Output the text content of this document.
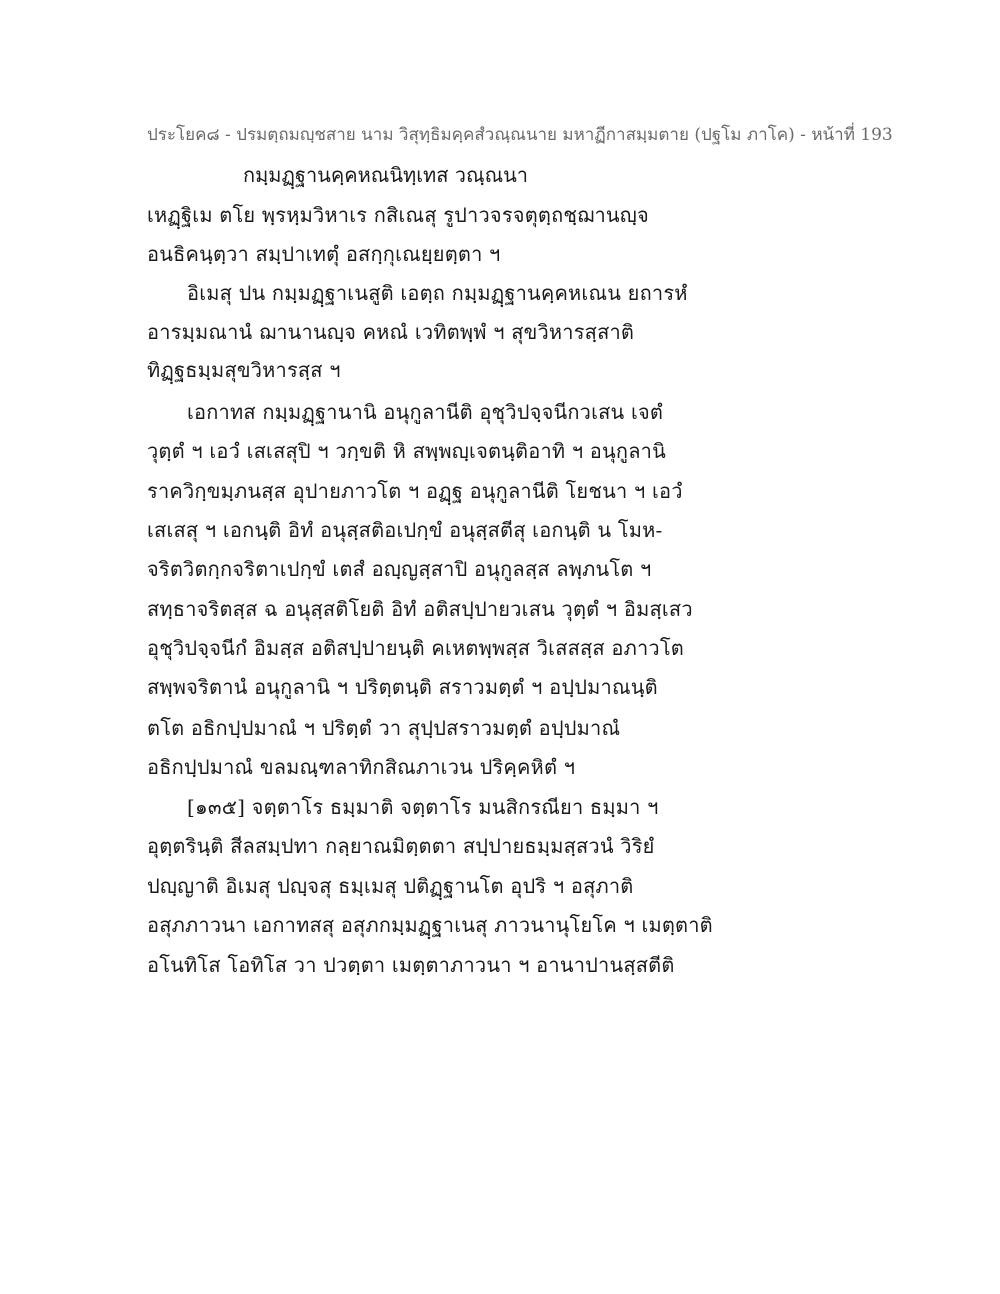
ประโยค๘ - ปรมตฺถมญฺชสาย นาม วิสุทฺธิมคฺคสํวณฺณนาย มหาฏีกาสมฺมตาย (ปฐโม ภาโค) - หน้าที่ 193
กมฺมฏฺฐานคฺคหณนิทฺเทส วณฺณนา
เหฏฺฐิเม ตโย พฺรหฺมวิหาเร กสิเณสุ รูปาวจรจตุตฺถชฺฌานญฺจ
อนธิคนฺตฺวา สมฺปาเทตุํ อสกฺกุเณยฺยตฺตา ฯ
อิเมสุ ปน กมฺมฏฺฐาเนสูติ เอตฺถ กมฺมฏฺฐานคฺคหเณน ยถารหํ
อารมฺมณานํ ฌานานญฺจ คหณํ เวทิตพฺพํ ฯ สุขวิหารสฺสาติ
ทิฏฺฐธมฺมสุขวิหารสฺส ฯ
เอกาทส กมฺมฏฺฐานานิ อนุกูลานีติ อุชุวิปจฺจนีกวเสน เจตํ
วุตฺตํ ฯ เอวํ เสเสสุปิ ฯ วกฺขติ หิ สพฺพญฺเจตนฺติอาทิ ฯ อนุกูลานิ
ราควิกฺขมฺภนสฺส อุปายภาวโต ฯ อฏฺฐ อนุกูลานีติ โยชนา ฯ เอวํ
เสเสสุ ฯ เอกนฺติ อิทํ อนุสฺสติอเปกฺขํ อนุสฺสตีสุ เอกนฺติ น โมห-
จริตวิตกฺกจริตาเปกฺขํ เตสํ อญฺญสฺสาปิ อนุกูลสฺส ลพฺภนโต ฯ
สทฺธาจริตสฺส ฉ อนุสฺสติโยติ อิทํ อติสปฺปายวเสน วุตฺตํ ฯ อิมสฺเสว
อุชุวิปจฺจนีกํ อิมสฺส อติสปฺปายนฺติ คเหตพฺพสฺส วิเสสสฺส อภาวโต
สพฺพจริตานํ อนุกูลานิ ฯ ปริตฺตนฺติ สราวมตฺตํ ฯ อปฺปมาณนฺติ
ตโต อธิกปฺปมาณํ ฯ ปริตฺตํ วา สุปฺปสราวมตฺตํ อปฺปมาณํ
อธิกปฺปมาณํ ขลมณฺฑลาทิกสิณภาเวน ปริคฺคหิตํ ฯ
[๑๓๕] จตฺตาโร ธมฺมาติ จตฺตาโร มนสิกรณียา ธมฺมา ฯ
อุตฺตรินฺติ สีลสมฺปทา กลฺยาณมิตฺตตา สปฺปายธมฺมสฺสวนํ วิริยํ
ปญฺญาติ อิเมสุ ปญฺจสุ ธมฺเมสุ ปติฏฺฐานโต อุปริ ฯ อสุภาติ
อสุภภาวนา เอกาทสสุ อสุภกมฺมฏฺฐาเนสุ ภาวนานุโยโค ฯ เมตฺตาติ
อโนทิโส โอทิโส วา ปวตฺตา เมตฺตาภาวนา ฯ อานาปานสฺสตีติ
